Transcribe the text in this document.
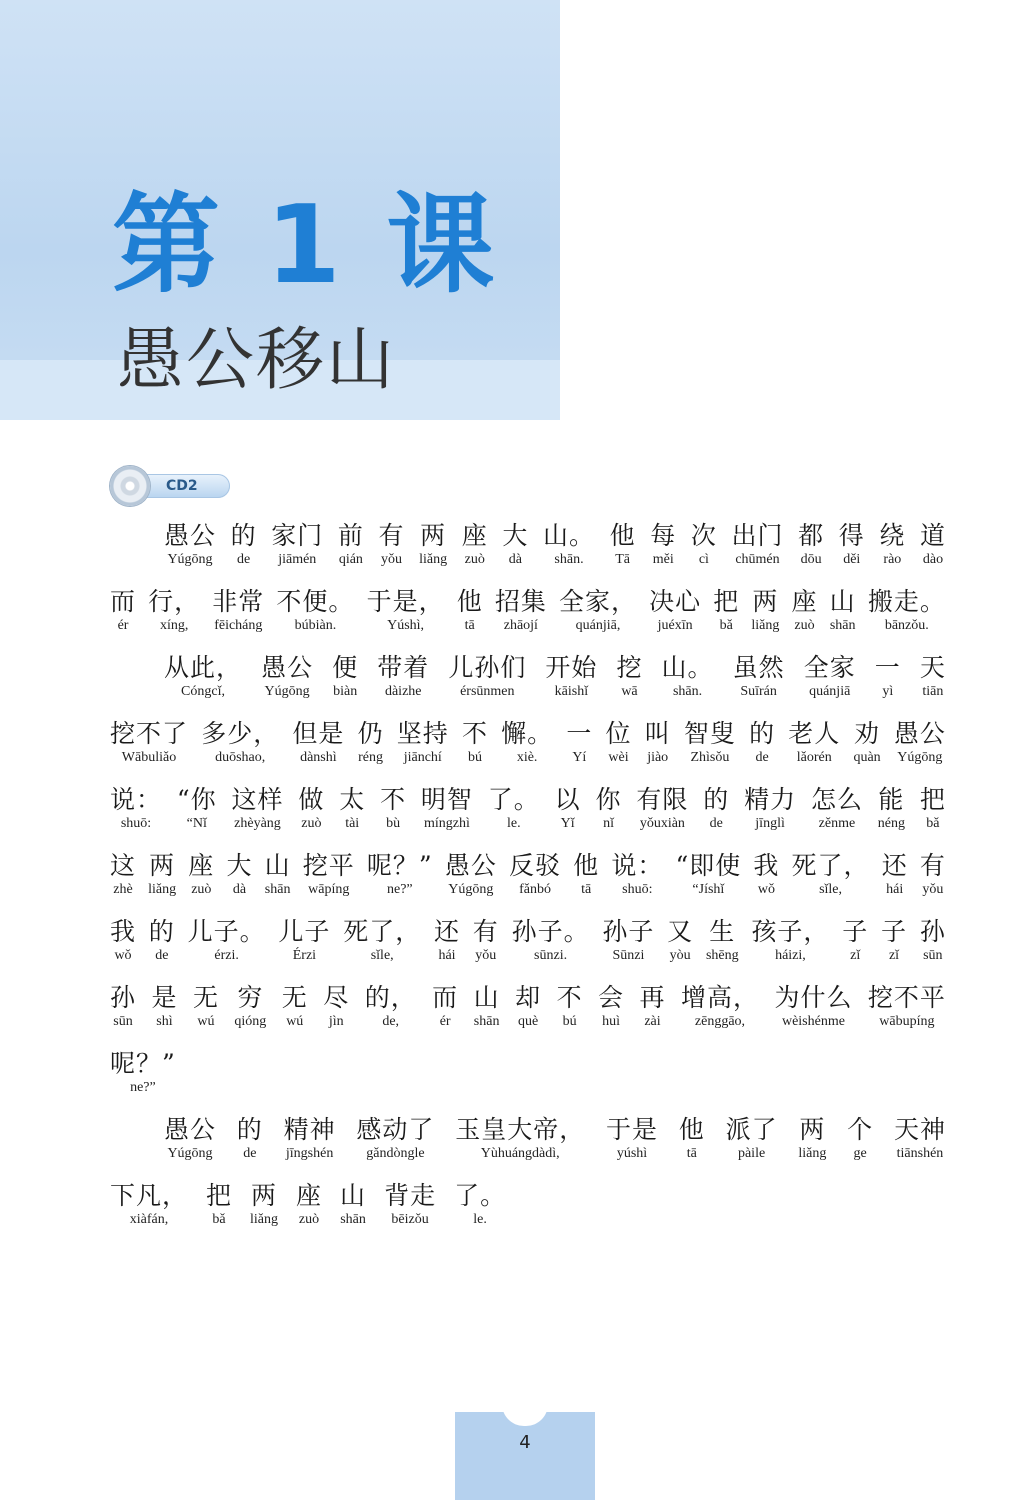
第 1 课
愚公移山
CD2
愚公
Yúgōng
的
de
家门
jiāmén
前
qián
有
yǒu
两
liǎng
座
zuò
大
dà
山。
shān.
他
Tā
每
měi
次
cì
出门
chūmén
都
dōu
得
děi
绕
rào
道
dào
而
ér
行，
xíng,
非常
fēicháng
不便。
búbiàn.
于是，
Yúshì,
他
tā
招集
zhāojí
全家，
quánjiā,
决心
juéxīn
把
bǎ
两
liǎng
座
zuò
山
shān
搬走。
bānzǒu.
从此，
Cóngcǐ,
愚公
Yúgōng
便
biàn
带着
dàizhe
儿孙们
érsūnmen
开始
kāishǐ
挖
wā
山。
shān.
虽然
Suīrán
全家
quánjiā
一
yì
天
tiān
挖不了
Wābuliǎo
多少，
duōshao,
但是
dànshì
仍
réng
坚持
jiānchí
不
bú
懈。
xiè.
一
Yí
位
wèi
叫
jiào
智叟
Zhìsǒu
的
de
老人
lǎorén
劝
quàn
愚公
Yúgōng
说：
shuō:
“你
“Nǐ
这样
zhèyàng
做
zuò
太
tài
不
bù
明智
míngzhì
了。
le.
以
Yǐ
你
nǐ
有限
yǒuxiàn
的
de
精力
jīnglì
怎么
zěnme
能
néng
把
bǎ
这
zhè
两
liǎng
座
zuò
大
dà
山
shān
挖平
wāpíng
呢？”
ne?”
愚公
Yúgōng
反驳
fǎnbó
他
tā
说：
shuō:
“即使
“Jíshǐ
我
wǒ
死了，
sǐle,
还
hái
有
yǒu
我
wǒ
的
de
儿子。
érzi.
儿子
Érzi
死了，
sǐle,
还
hái
有
yǒu
孙子。
sūnzi.
孙子
Sūnzi
又
yòu
生
shēng
孩子，
háizi,
子
zǐ
子
zǐ
孙
sūn
孙
sūn
是
shì
无
wú
穷
qióng
无
wú
尽
jìn
的，
de,
而
ér
山
shān
却
què
不
bú
会
huì
再
zài
增高，
zēnggāo,
为什么
wèishénme
挖不平
wābupíng
呢？”
ne?”
愚公
Yúgōng
的
de
精神
jīngshén
感动了
gǎndòngle
玉皇大帝，
Yùhuángdàdì,
于是
yúshì
他
tā
派了
pàile
两
liǎng
个
ge
天神
tiānshén
下凡，
xiàfán,
把
bǎ
两
liǎng
座
zuò
山
shān
背走
bēizǒu
了。
le.
4
